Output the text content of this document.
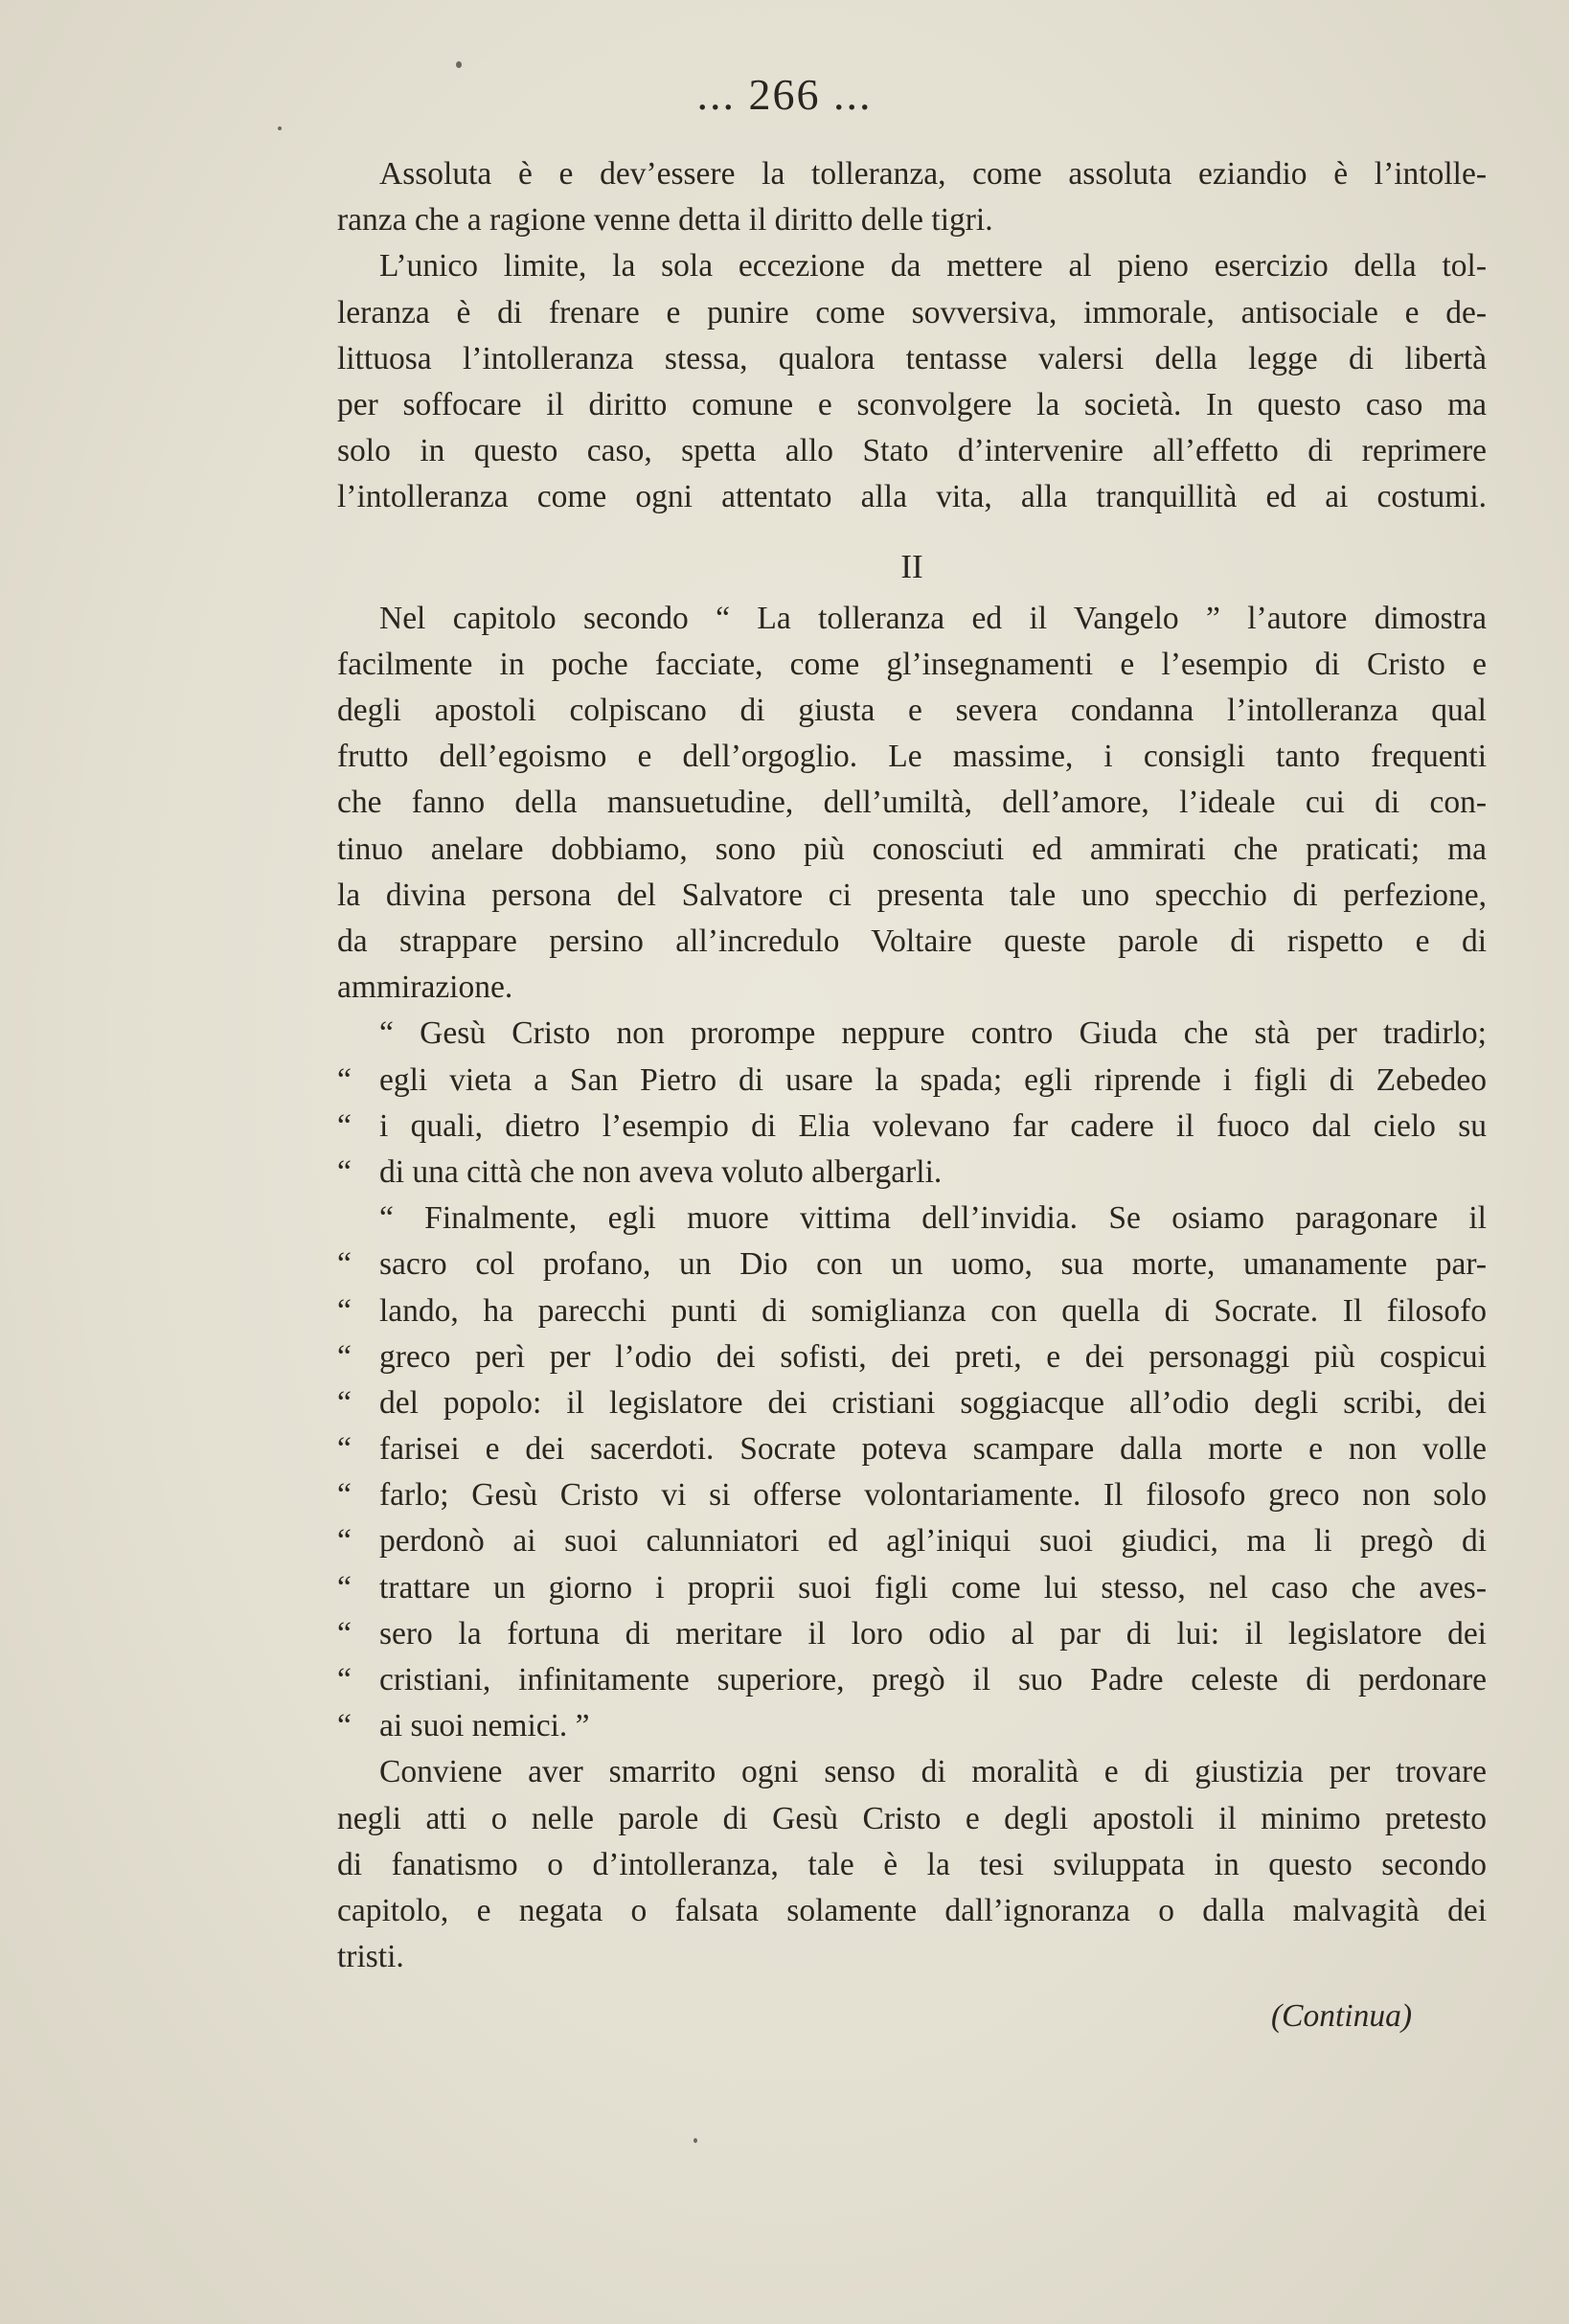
... 266 ...
Assoluta è e dev’essere la tolleranza, come assoluta eziandio è l’intolle-
ranza che a ragione venne detta il diritto delle tigri.
L’unico limite, la sola eccezione da mettere al pieno esercizio della tol-
leranza è di frenare e punire come sovversiva, immorale, antisociale e de-
littuosa l’intolleranza stessa, qualora tentasse valersi della legge di libertà
per soffocare il diritto comune e sconvolgere la società. In questo caso ma
solo in questo caso, spetta allo Stato d’intervenire all’effetto di reprimere
l’intolleranza come ogni attentato alla vita, alla tranquillità ed ai costumi.
II
Nel capitolo secondo “ La tolleranza ed il Vangelo ” l’autore dimostra
facilmente in poche facciate, come gl’insegnamenti e l’esempio di Cristo e
degli apostoli colpiscano di giusta e severa condanna l’intolleranza qual
frutto dell’egoismo e dell’orgoglio. Le massime, i consigli tanto frequenti
che fanno della mansuetudine, dell’umiltà, dell’amore, l’ideale cui di con-
tinuo anelare dobbiamo, sono più conosciuti ed ammirati che praticati; ma
la divina persona del Salvatore ci presenta tale uno specchio di perfezione,
da strappare persino all’incredulo Voltaire queste parole di rispetto e di
ammirazione.
“ Gesù Cristo non prorompe neppure contro Giuda che stà per tradirlo;
“ egli vieta a San Pietro di usare la spada; egli riprende i figli di Zebedeo
“ i quali, dietro l’esempio di Elia volevano far cadere il fuoco dal cielo su
“ di una città che non aveva voluto albergarli.
“ Finalmente, egli muore vittima dell’invidia. Se osiamo paragonare il
“ sacro col profano, un Dio con un uomo, sua morte, umanamente par-
“ lando, ha parecchi punti di somiglianza con quella di Socrate. Il filosofo
“ greco perì per l’odio dei sofisti, dei preti, e dei personaggi più cospicui
“ del popolo: il legislatore dei cristiani soggiacque all’odio degli scribi, dei
“ farisei e dei sacerdoti. Socrate poteva scampare dalla morte e non volle
“ farlo; Gesù Cristo vi si offerse volontariamente. Il filosofo greco non solo
“ perdonò ai suoi calunniatori ed agl’iniqui suoi giudici, ma li pregò di
“ trattare un giorno i proprii suoi figli come lui stesso, nel caso che aves-
“ sero la fortuna di meritare il loro odio al par di lui: il legislatore dei
“ cristiani, infinitamente superiore, pregò il suo Padre celeste di perdonare
“ ai suoi nemici. ”
Conviene aver smarrito ogni senso di moralità e di giustizia per trovare
negli atti o nelle parole di Gesù Cristo e degli apostoli il minimo pretesto
di fanatismo o d’intolleranza, tale è la tesi sviluppata in questo secondo
capitolo, e negata o falsata solamente dall’ignoranza o dalla malvagità dei
tristi.
(Continua)
